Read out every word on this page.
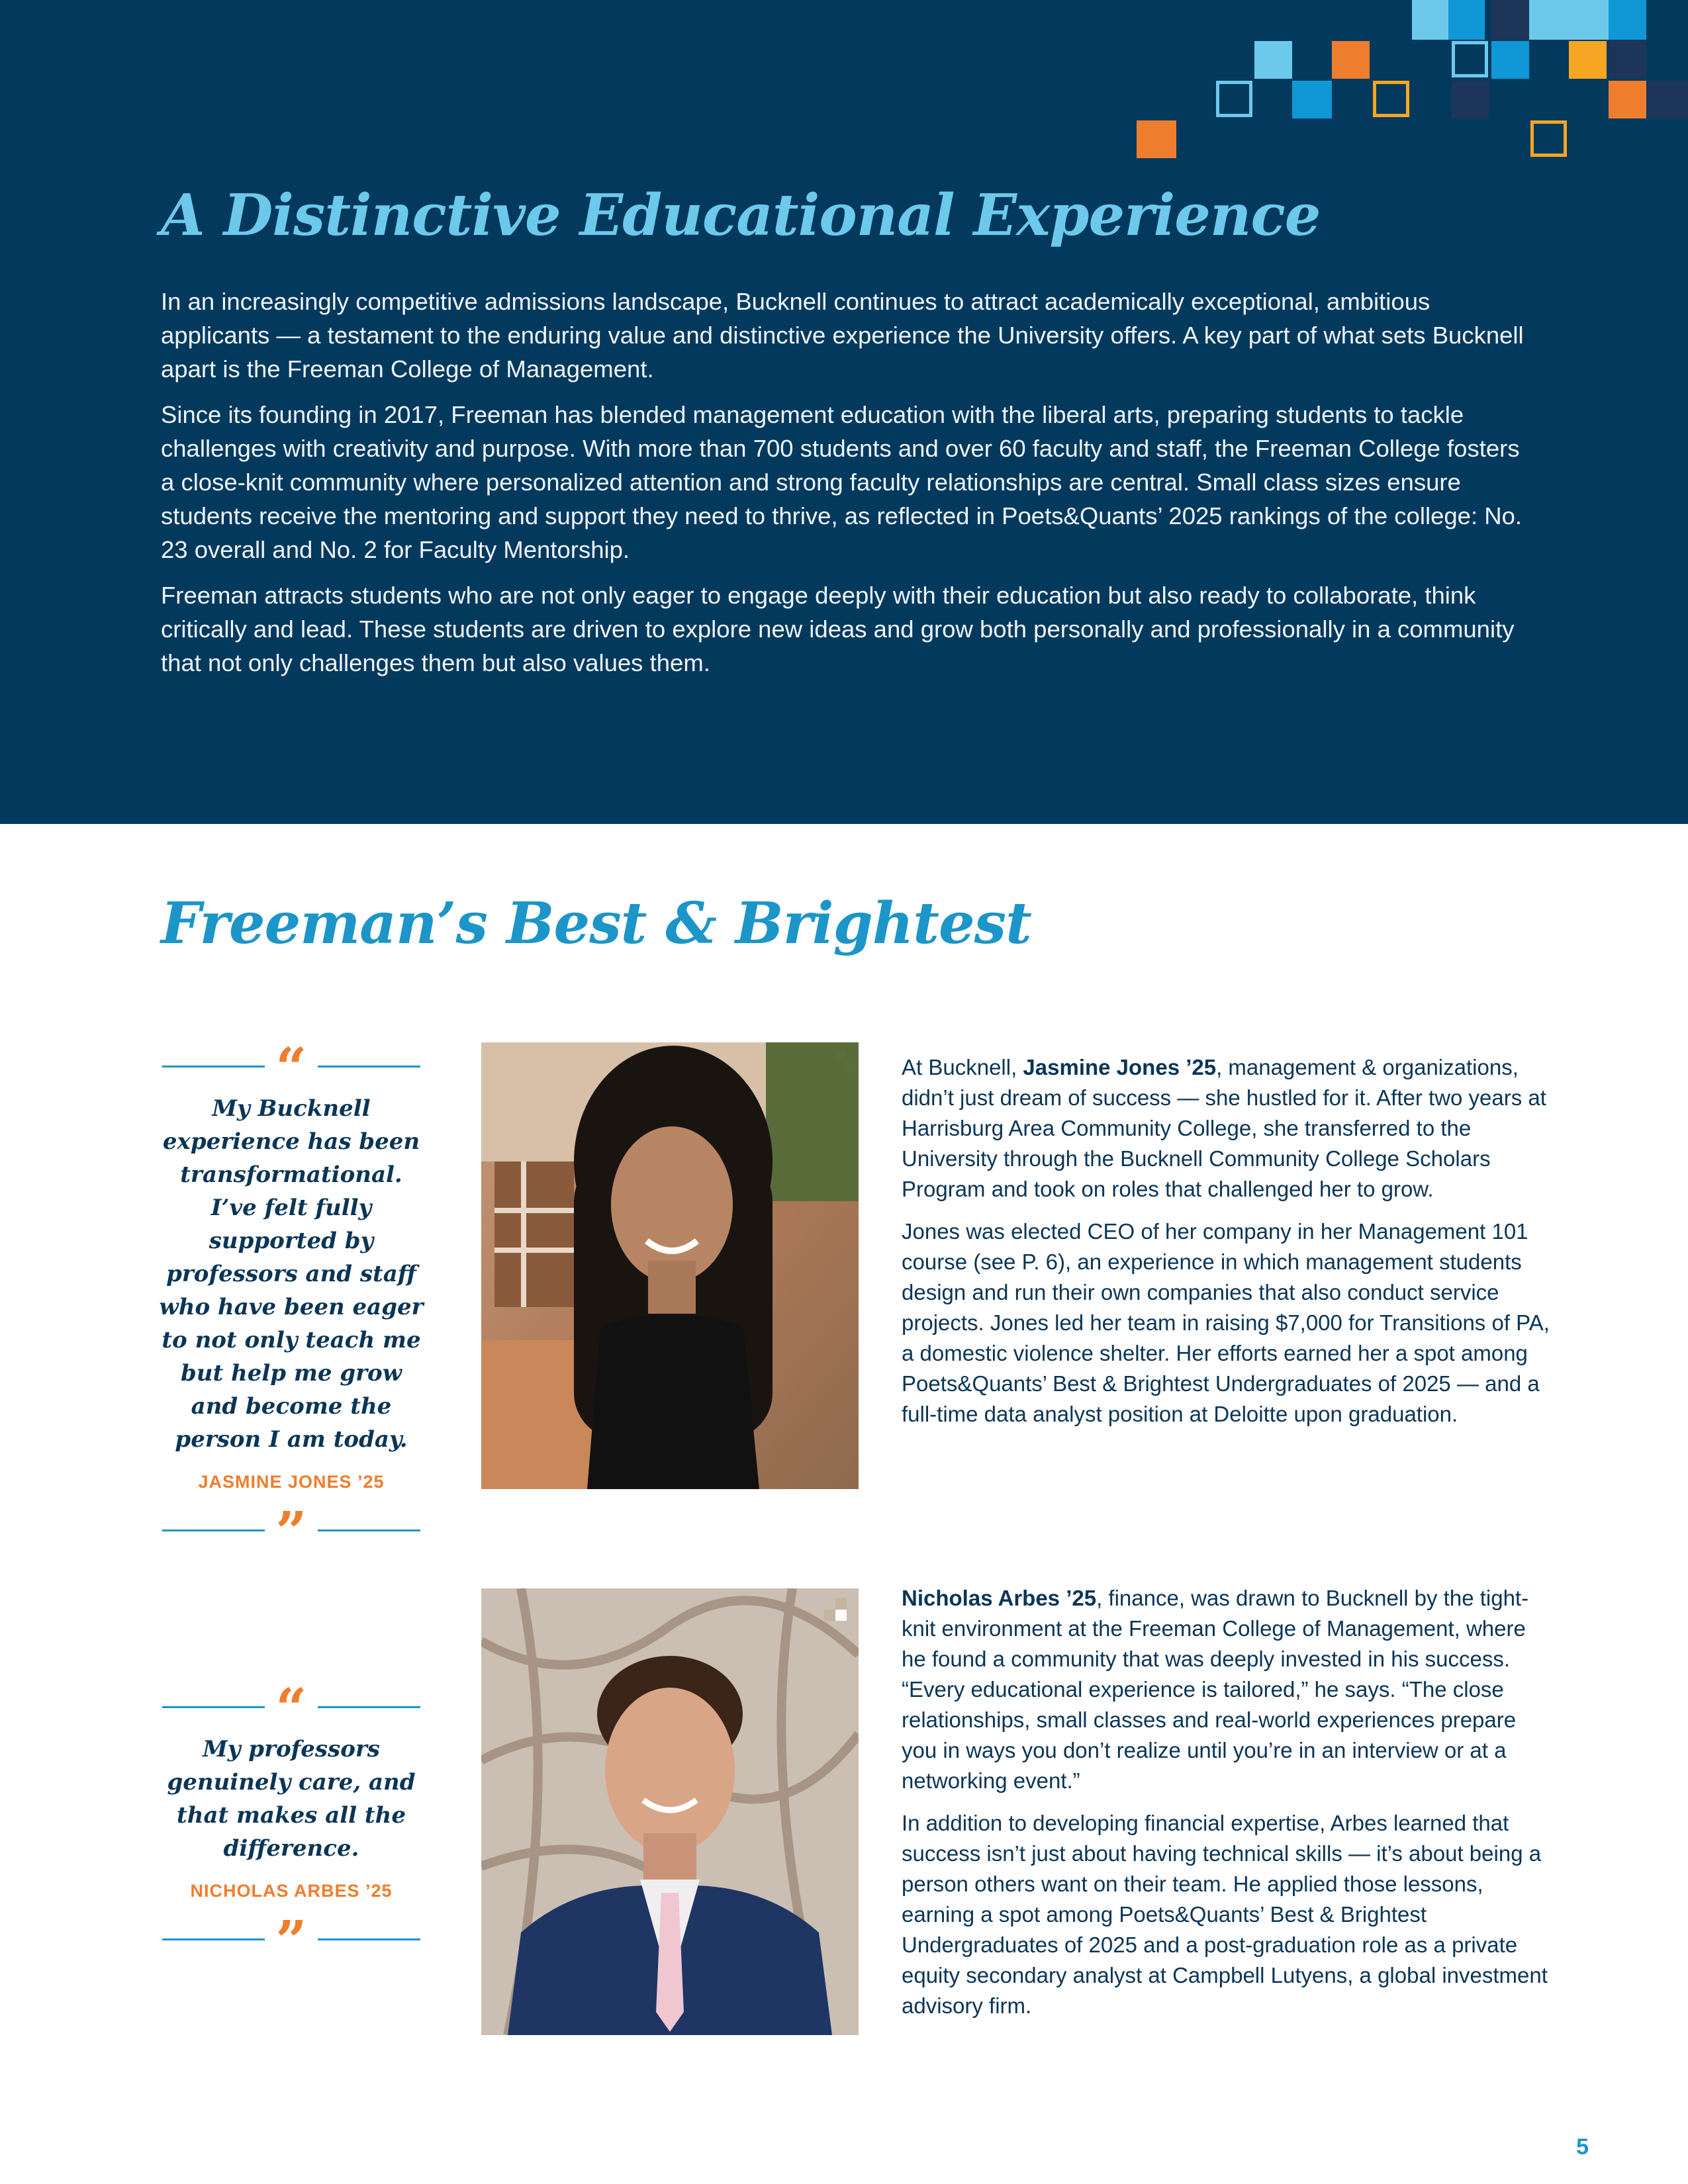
A Distinctive Educational Experience

In an increasingly competitive admissions landscape, Bucknell continues to attract academically exceptional, ambitious applicants — a testament to the enduring value and distinctive experience the University offers. A key part of what sets Bucknell apart is the Freeman College of Management.

Since its founding in 2017, Freeman has blended management education with the liberal arts, preparing students to tackle challenges with creativity and purpose. With more than 700 students and over 60 faculty and staff, the Freeman College fosters a close-knit community where personalized attention and strong faculty relationships are central. Small class sizes ensure students receive the mentoring and support they need to thrive, as reflected in Poets&Quants’ 2025 rankings of the college: No. 23 overall and No. 2 for Faculty Mentorship.

Freeman attracts students who are not only eager to engage deeply with their education but also ready to collaborate, think critically and lead. These students are driven to explore new ideas and grow both personally and professionally in a community that not only challenges them but also values them.

Freeman’s Best & Brightest
“
My Bucknell experience has been transformational. I’ve felt fully supported by professors and staff who have been eager to not only teach me but help me grow and become the person I am today.
JASMINE JONES ’25
”

At Bucknell, Jasmine Jones ’25, management & organizations, didn’t just dream of success — she hustled for it. After two years at Harrisburg Area Community College, she transferred to the University through the Bucknell Community College Scholars Program and took on roles that challenged her to grow.

Jones was elected CEO of her company in her Management 101 course (see P. 6), an experience in which management students design and run their own companies that also conduct service projects. Jones led her team in raising $7,000 for Transitions of PA, a domestic violence shelter. Her efforts earned her a spot among Poets&Quants’ Best & Brightest Undergraduates of 2025 — and a full-time data analyst position at Deloitte upon graduation.

“
My professors genuinely care, and that makes all the difference.
NICHOLAS ARBES ’25
”

Nicholas Arbes ’25, finance, was drawn to Bucknell by the tight-knit environment at the Freeman College of Management, where he found a community that was deeply invested in his success. “Every educational experience is tailored,” he says. “The close relationships, small classes and real-world experiences prepare you in ways you don’t realize until you’re in an interview or at a networking event.”

In addition to developing financial expertise, Arbes learned that success isn’t just about having technical skills — it’s about being a person others want on their team. He applied those lessons, earning a spot among Poets&Quants’ Best & Brightest Undergraduates of 2025 and a post-graduation role as a private equity secondary analyst at Campbell Lutyens, a global investment advisory firm.

5
